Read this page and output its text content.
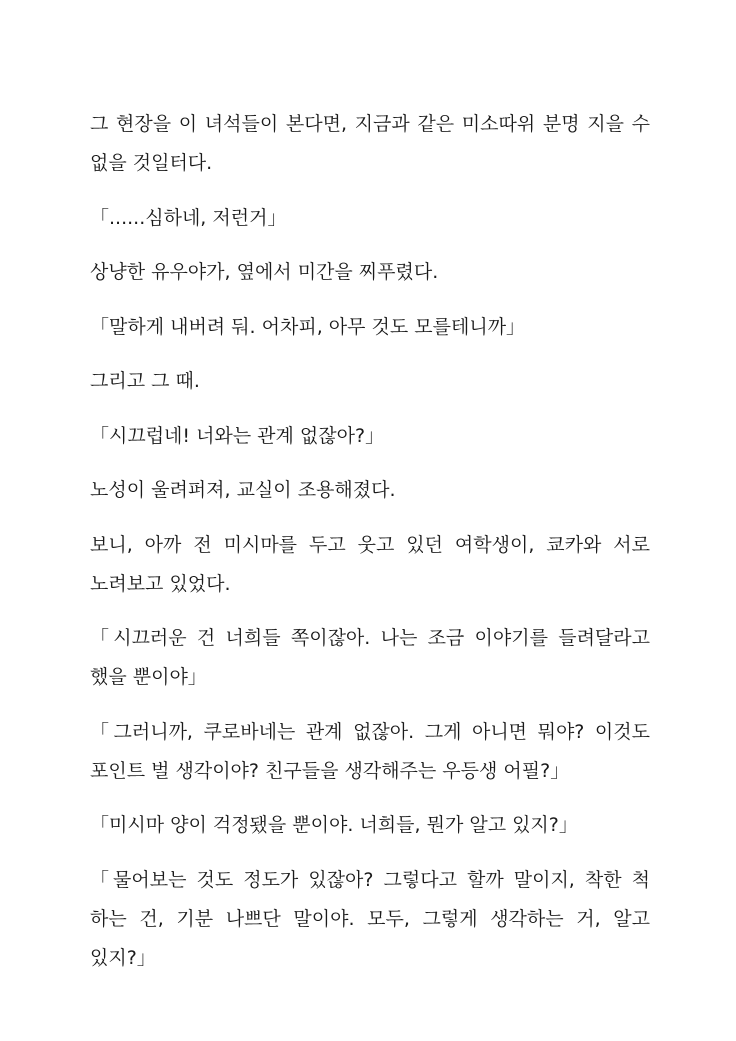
그 현장을 이 녀석들이 본다면, 지금과 같은 미소따위 분명 지을 수 없을 것일터다.

「......심하네, 저런거」

상냥한 유우야가, 옆에서 미간을 찌푸렸다.

「말하게 내버려 둬. 어차피, 아무 것도 모를테니까」

그리고 그 때.

「시끄럽네! 너와는 관계 없잖아?」

노성이 울려퍼져, 교실이 조용해졌다.

보니, 아까 전 미시마를 두고 웃고 있던 여학생이, 쿄카와 서로 노려보고 있었다.

「시끄러운 건 너희들 쪽이잖아. 나는 조금 이야기를 들려달라고 했을 뿐이야」

「그러니까, 쿠로바네는 관계 없잖아. 그게 아니면 뭐야? 이것도 포인트 벌 생각이야? 친구들을 생각해주는 우등생 어필?」

「미시마 양이 걱정됐을 뿐이야. 너희들, 뭔가 알고 있지?」

「물어보는 것도 정도가 있잖아? 그렇다고 할까 말이지, 착한 척 하는 건, 기분 나쁘단 말이야. 모두, 그렇게 생각하는 거, 알고 있지?」
